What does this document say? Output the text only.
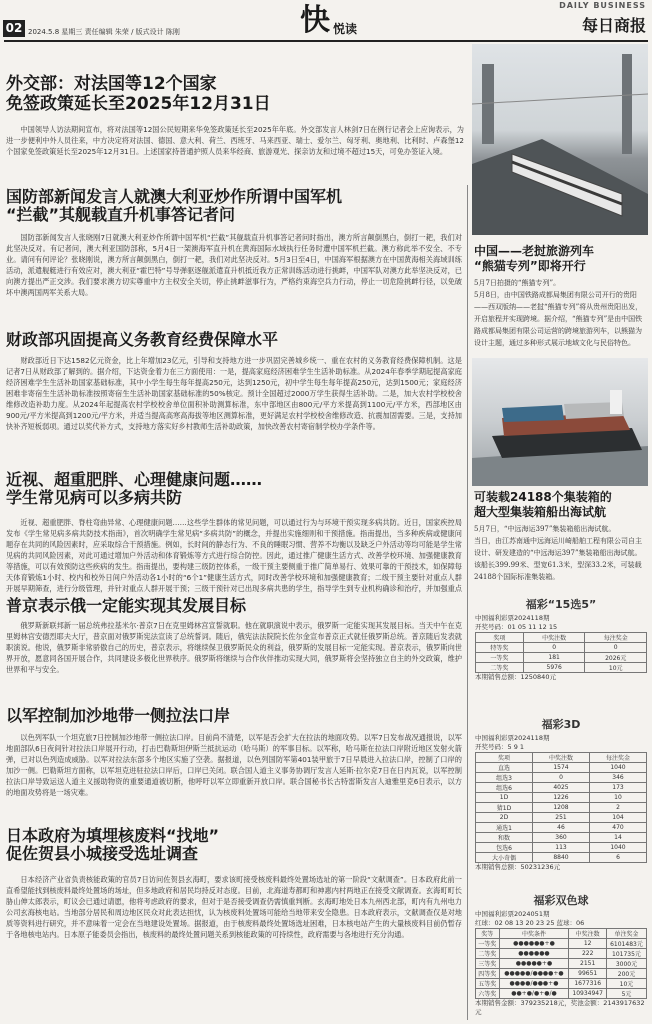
02 2024.5.8 星期三 责任编辑 朱荣 / 版式设计 陈刚	快 悦读
DAILY BUSINESS
每日商报
外交部：对法国等12个国家
免签政策延长至2025年12月31日

中国领导人访法期间宣布，将对法国等12国公民短期来华免签政策延长至2025年年底。外交部发言人林剑7日在例行记者会上应询表示，为进一步便利中外人员往来，中方决定将对法国、德国、意大利、荷兰、西班牙、马来西亚、瑞士、爱尔兰、匈牙利、奥地利、比利时、卢森堡12个国家免签政策延长至2025年12月31日。上述国家持普通护照人员来华经商、旅游观光、探亲访友和过境不超过15天，可免办签证入境。

国防部新闻发言人就澳大利亚炒作所谓中国军机
“拦截”其舰载直升机事答记者问

国防部新闻发言人张晓刚7日就澳大利亚炒作所谓中国军机“拦截”其舰载直升机事答记者问时指出，澳方所言颠倒黑白，倒打一耙，我们对此坚决反对。有记者问，澳大利亚国防部称，5月4日一架澳海军直升机在黄海国际水域执行任务时遭中国军机拦截。澳方称此举不安全、不专业。请问有何评论？张晓刚说，澳方所言颠倒黑白，倒打一耙，我们对此坚决反对。5月3日至4日，中国海军根据澳方在中国黄海相关海域训练活动，派遣舰艇进行有效应对，澳大利亚“霍巴特”号导弹驱逐舰派遣直升机抵近我方正常训练活动进行挑衅，中国军队对澳方此举坚决反对，已向澳方提出严正交涉。我们要求澳方切实尊重中方主权安全关切，停止挑衅滋事行为，严格约束海空兵力行动，停止一切危险挑衅行径，以免破坏中澳两国两军关系大局。

财政部巩固提高义务教育经费保障水平

财政部近日下达1582亿元资金，比上年增加23亿元，引导和支持地方进一步巩固完善城乡统一、重在农村的义务教育经费保障机制。这是记者7日从财政部了解到的。据介绍，下达资金着力在三方面使用：一是，提高家庭经济困难学生生活补助标准。从2024年春季学期起提高家庭经济困难学生生活补助国家基础标准，其中小学生每生每年提高250元，达到1250元，初中学生每生每年提高250元，达到1500元；家庭经济困难非寄宿生生活补助标准按照寄宿生生活补助国家基础标准的50%核定。预计全国超过2000万学生获得生活补助。二是，加大农村学校校舍维修改造补助力度。从2024年起提高农村学校校舍单位面积补助测算标准，东中部地区由800元/平方米提高到1100元/平方米，西部地区由900元/平方米提高到1200元/平方米，并适当提高高寒高海拔等地区测算标准，更好满足农村学校校舍维修改造、抗震加固需要。三是，支持加快补齐短板弱项。通过以奖代补方式，支持地方落实好乡村教师生活补助政策，加快改善农村寄宿制学校办学条件等。

近视、超重肥胖、心理健康问题……
学生常见病可以多病共防

近视、超重肥胖、脊柱弯曲异常、心理健康问题……这些学生群体的常见问题，可以通过行为与环境干预实现多病共防。近日，国家疾控局发布《学生常见病多病共防技术指南》，首次明确学生常见病“多病共防”的概念，并提出实施细则和干预措施。指南提出，当多种疾病或健康问题存在共同的风险因素时，应采取综合干预措施。例如，长时间的静态行为、不良的睡眠习惯、营养不均衡以及缺乏户外活动等均可能是学生常见病的共同风险因素，对此可通过增加户外活动和体育锻炼等方式进行综合防控。因此，通过推广健康生活方式、改善学校环境、加强健康教育等措施，可以有效预防这些疾病的发生。指南提出，要构建三级防控体系，一级干预主要侧重于推广简单易行、效果可靠的干预技术，如保障每天体育锻炼1小时、校内和校外日间户外活动各1小时的“6个1”健康生活方式，同时改善学校环境和加强健康教育；二级干预主要针对重点人群开展早期筛查，进行分级管理，并针对重点人群开展干预；三级干预针对已出现多病共患的学生，指导学生到专业机构确诊和治疗，并加强重点

普京表示俄一定能实现其发展目标

俄罗斯新联邦新一届总统弗拉基米尔·普京7日在克里姆林宫宣誓就职。他在就职演说中表示，俄罗斯一定能实现其发展目标。当天中午在克里姆林宫安德烈耶夫大厅，普京面对俄罗斯宪法宣读了总统誓词。随后，俄宪法法院院长佐尔金宣布普京正式就任俄罗斯总统。普京随后发表就职演说。他说，俄罗斯非常骄傲自己的历史，普京表示，将继续保卫俄罗斯民众的利益，俄罗斯的发展目标一定能实现。普京表示，俄罗斯向世界开放，愿意同各国开展合作，共同建设多极化世界秩序。俄罗斯将继续与合作伙伴推动实现大同，俄罗斯将会坚持独立自主的外交政策，维护世界和平与安全。

以军控制加沙地带一侧拉法口岸

以色列军队一个坦克旅7日控制加沙地带一侧拉法口岸。目前尚不清楚，以军是否会扩大在拉法的地面攻势。以军7日发布战况通报说，以军地面部队6日夜间针对拉法口岸展开行动，打击巴勒斯坦伊斯兰抵抗运动（哈马斯）的军事目标。以军称，哈马斯在拉法口岸附近地区发射火箭弹，已对以色列造成威胁。以军对拉法东部多个地区实施了空袭。据报道，以色列国防军第401装甲旅于7日早晨进入拉法口岸，控制了口岸的加沙一侧。巴勒斯坦方面称，以军坦克进驻拉法口岸后，口岸已关闭。联合国人道主义事务协调厅发言人延斯·拉尔克7日在日内瓦说，以军控制拉法口岸导致运送人道主义援助物资的重要通道被切断，他呼吁以军立即重新开放口岸。联合国秘书长古特雷斯发言人迪雅里克6日表示，以方的地面攻势将是一场灾难。

日本政府为填埋核废料“找地”
促佐贺县小城接受选址调查

日本经济产业省负责核能政策的官员7日访问佐贺县玄海町，要求该町接受核废料最终处置场选址的第一阶段“文献调查”。日本政府此前一直希望能找到核废料最终处置场的场址，但多地政府和居民均持反对态度。目前，北海道寿都町和神惠内村两地正在接受文献调查。玄海町町长胁山伸太郎表示，町议会已通过请愿，他将考虑政府的要求，但对于是否接受调查仍需慎重判断。玄海町地处日本九州西北部，町内有九州电力公司玄海核电站。当地部分居民和周边地区民众对此表达担忧，认为核废料处置场可能给当地带来安全隐患。日本政府表示，文献调查仅是对地质等资料进行研究，并不意味着一定会在当地建设处置场。据报道，由于核废料最终处置场选址困难，日本核电站产生的大量核废料目前仍暂存于各地核电站内。日本原子能委员会指出，核废料的最终处置问题关系到核能政策的可持续性，政府需要与各地进行充分沟通。

中国——老挝旅游列车
“熊猫专列”即将开行
5月7日拍摄的“熊猫专列”。
5月8日，由中国铁路成都局集团有限公司开行的贵阳——西双版纳——老挝“熊猫专列”将从贵州贵阳出发，开启旅程并实现跨境。据介绍，“熊猫专列”是由中国铁路成都局集团有限公司运营的跨境旅游列车，以熊猫为设计主题，通过多种形式展示地域文化与民俗特色。
可装载24188个集装箱的
超大型集装箱船出海试航
5月7日，“中远海运397”集装箱船出海试航。
当日，由江苏南通中远海运川崎船舶工程有限公司自主设计、研发建造的“中远海运397”集装箱船出海试航。该船长399.99米、型宽61.3米，型深33.2米，可装载24188个国际标准集装箱。
福彩“15选5”
中国福利彩票2024118期
开奖号码：01 05 11 12 15
奖项	中奖注数	每注奖金
特等奖	0	0
一等奖	181	2026元
二等奖	5976	10元
本期销售总额：1250840元
福彩3D
中国福利彩票2024118期
开奖号码：5 9 1
奖项	中奖注数	每注奖金
直选	1574	1040
组选3	0	346
组选6	4025	173
1D	1226	10
猜1D	1208	2
2D	251	104
通选1	46	470
和数	360	14
包选6	113	1040
大小奇偶	8840	6
本期销售总额：50231236元
福彩双色球
中国福利彩票2024051期
红球：02 08 13 20 23 25 蓝球：06
奖等	中奖条件	中奖注数	单注奖金
一等奖	●●●●●●+●	12	6101483元
二等奖	●●●●●●	222	101735元
三等奖	●●●●●+●	2151	3000元
四等奖	●●●●●/●●●●+●	99651	200元
五等奖	●●●●/●●●+●	1677316	10元
六等奖	●●+●/●+●/●	10934947	5元
本期销售金额：379235218元，奖池金额：2143917632元
